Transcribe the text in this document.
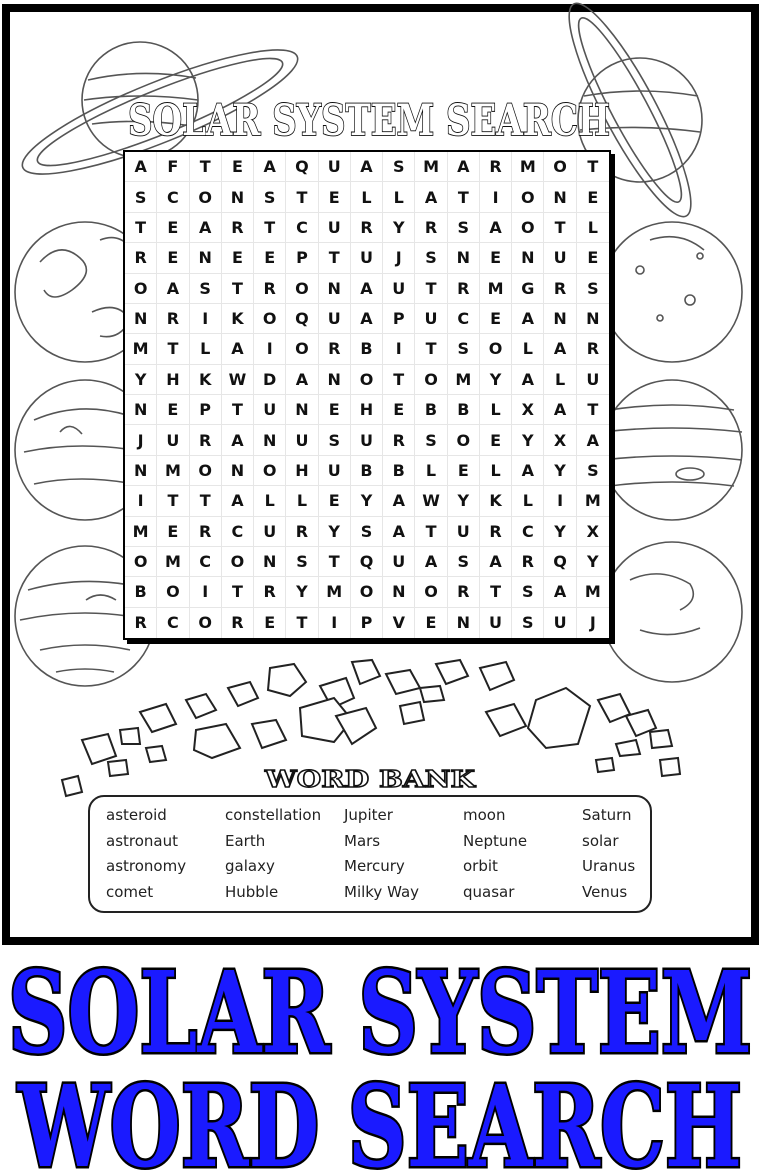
SOLAR SYSTEM SEARCH
A	F	T	E	A	Q	U	A	S	M	A	R	M	O	T
S	C	O	N	S	T	E	L	L	A	T	I	O	N	E
T	E	A	R	T	C	U	R	Y	R	S	A	O	T	L
R	E	N	E	E	P	T	U	J	S	N	E	N	U	E
O	A	S	T	R	O	N	A	U	T	R	M	G	R	S
N	R	I	K	O	Q	U	A	P	U	C	E	A	N	N
M	T	L	A	I	O	R	B	I	T	S	O	L	A	R
Y	H	K	W	D	A	N	O	T	O	M	Y	A	L	U
N	E	P	T	U	N	E	H	E	B	B	L	X	A	T
J	U	R	A	N	U	S	U	R	S	O	E	Y	X	A
N	M	O	N	O	H	U	B	B	L	E	L	A	Y	S
I	T	T	A	L	L	E	Y	A	W	Y	K	L	I	M
M	E	R	C	U	R	Y	S	A	T	U	R	C	Y	X
O	M	C	O	N	S	T	Q	U	A	S	A	R	Q	Y
B	O	I	T	R	Y	M	O	N	O	R	T	S	A	M
R	C	O	R	E	T	I	P	V	E	N	U	S	U	J
WORD BANK
asteroid
astronaut
astronomy
comet
constellation
Earth
galaxy
Hubble
Jupiter
Mars
Mercury
Milky Way
moon
Neptune
orbit
quasar
Saturn
solar
Uranus
Venus
SOLAR SYSTEM
WORD SEARCH
